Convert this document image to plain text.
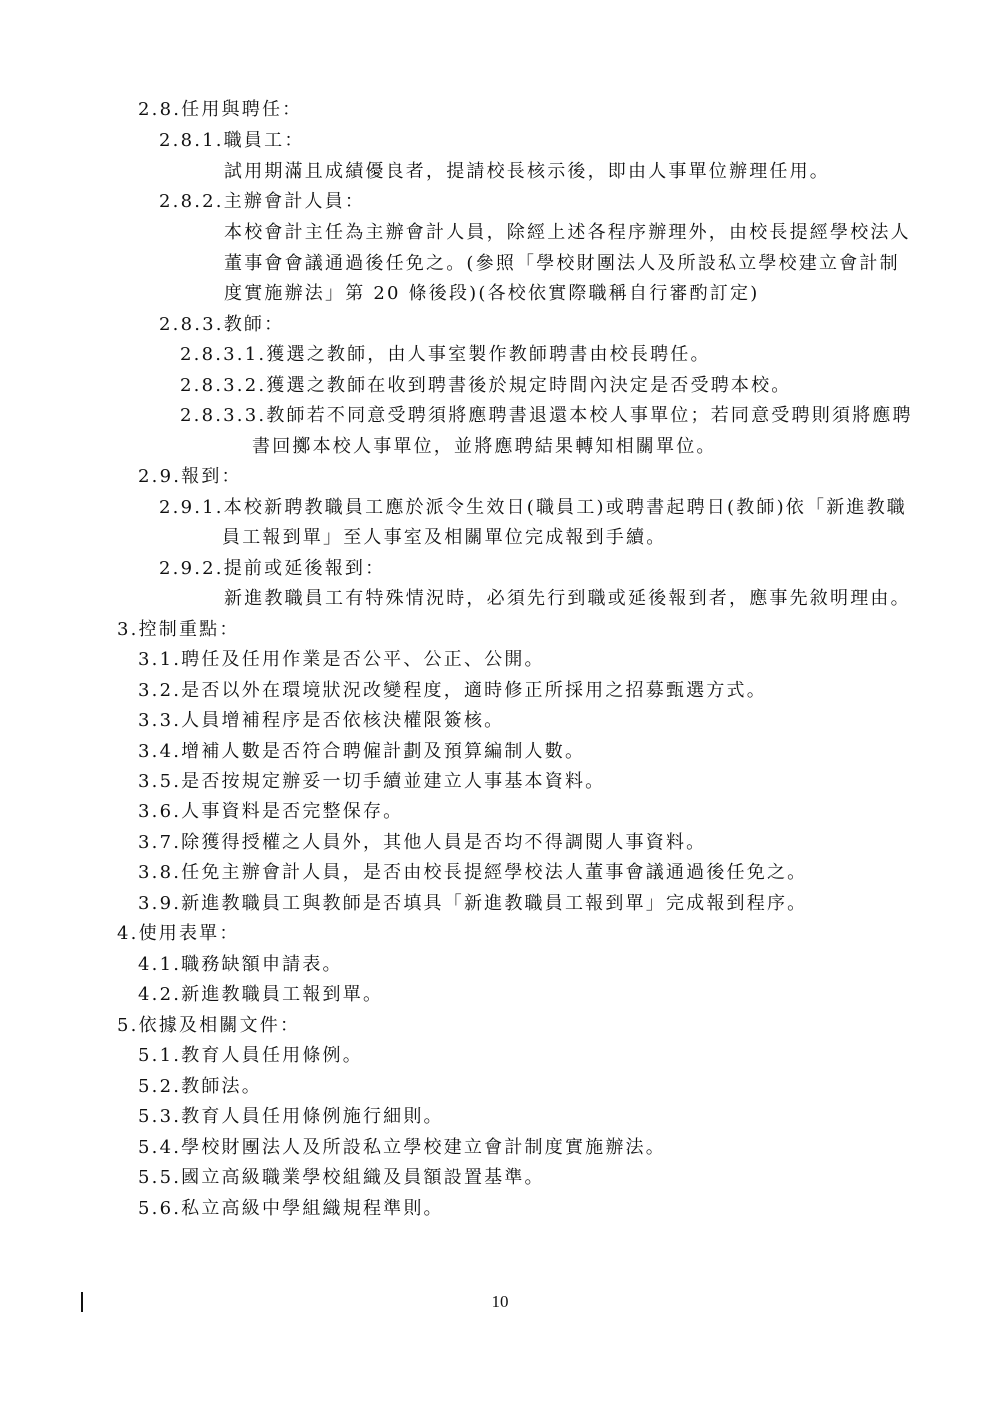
2.8.任用與聘任：
2.8.1.職員工：
試用期滿且成績優良者，提請校長核示後，即由人事單位辦理任用。
2.8.2.主辦會計人員：
本校會計主任為主辦會計人員，除經上述各程序辦理外，由校長提經學校法人
董事會會議通過後任免之。(參照「學校財團法人及所設私立學校建立會計制
度實施辦法」第 20 條後段)(各校依實際職稱自行審酌訂定)
2.8.3.教師：
2.8.3.1.獲選之教師，由人事室製作教師聘書由校長聘任。
2.8.3.2.獲選之教師在收到聘書後於規定時間內決定是否受聘本校。
2.8.3.3.教師若不同意受聘須將應聘書退還本校人事單位；若同意受聘則須將應聘
書回擲本校人事單位，並將應聘結果轉知相關單位。
2.9.報到：
2.9.1.本校新聘教職員工應於派令生效日(職員工)或聘書起聘日(教師)依「新進教職
員工報到單」至人事室及相關單位完成報到手續。
2.9.2.提前或延後報到：
新進教職員工有特殊情況時，必須先行到職或延後報到者，應事先敘明理由。
3.控制重點：
3.1.聘任及任用作業是否公平、公正、公開。
3.2.是否以外在環境狀況改變程度，適時修正所採用之招募甄選方式。
3.3.人員增補程序是否依核決權限簽核。
3.4.增補人數是否符合聘僱計劃及預算編制人數。
3.5.是否按規定辦妥一切手續並建立人事基本資料。
3.6.人事資料是否完整保存。
3.7.除獲得授權之人員外，其他人員是否均不得調閱人事資料。
3.8.任免主辦會計人員，是否由校長提經學校法人董事會議通過後任免之。
3.9.新進教職員工與教師是否填具「新進教職員工報到單」完成報到程序。
4.使用表單：
4.1.職務缺額申請表。
4.2.新進教職員工報到單。
5.依據及相關文件：
5.1.教育人員任用條例。
5.2.教師法。
5.3.教育人員任用條例施行細則。
5.4.學校財團法人及所設私立學校建立會計制度實施辦法。
5.5.國立高級職業學校組織及員額設置基準。
5.6.私立高級中學組織規程準則。
10
